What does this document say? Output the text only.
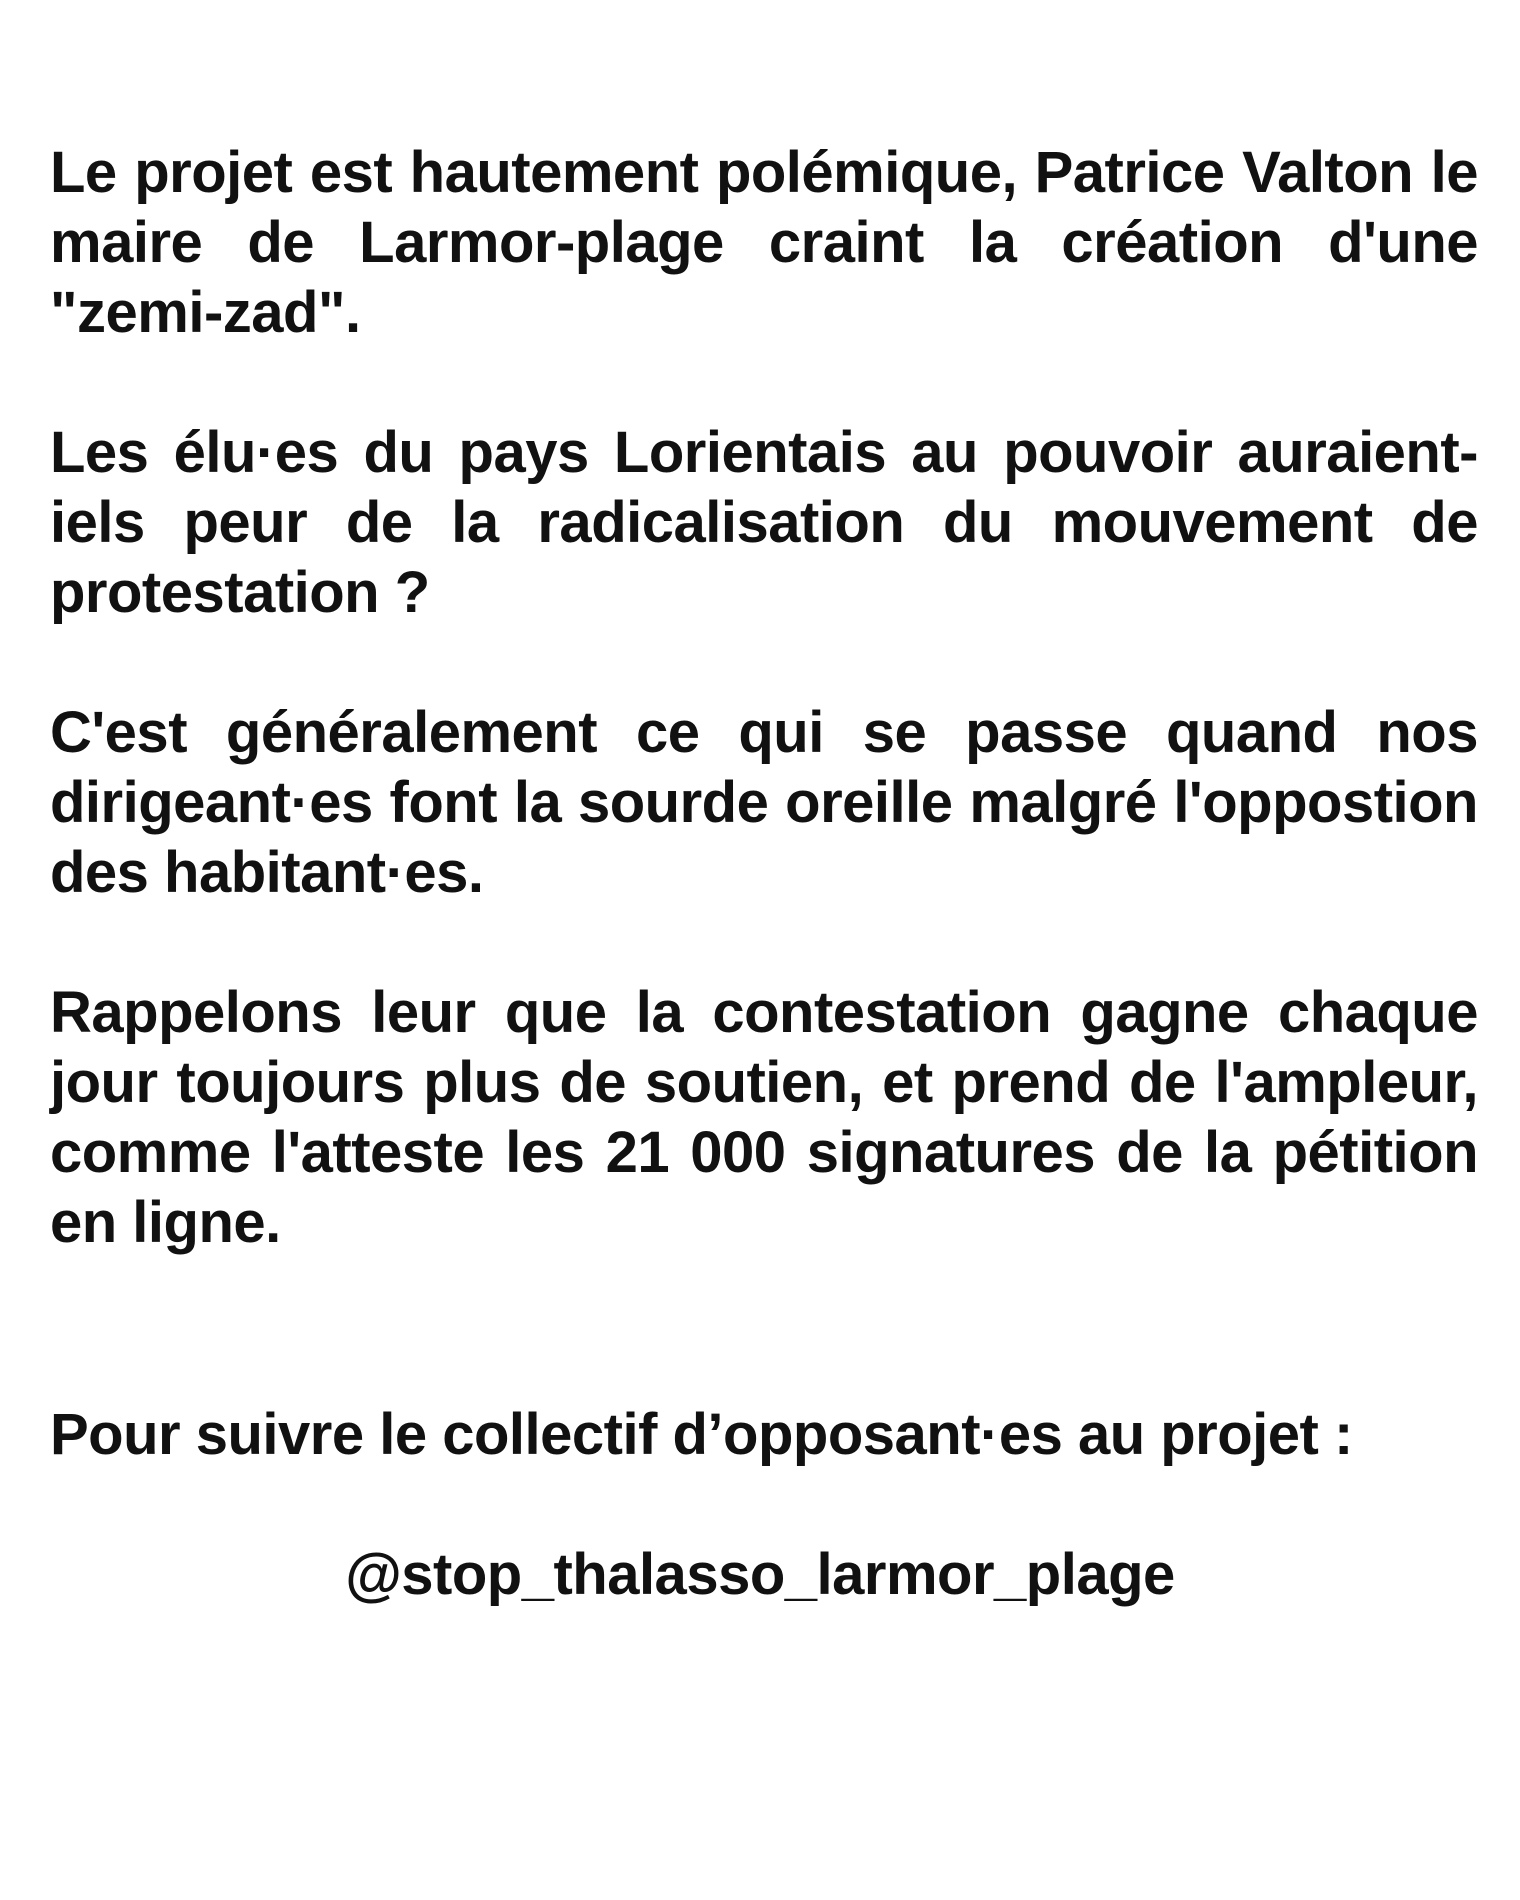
Le projet est hautement polémique, Patrice Valton le maire de Larmor-plage craint la création d'une "zemi-zad".

Les élu·es du pays Lorientais au pouvoir auraient-iels peur de la radicalisation du mouvement de protestation ?

C'est généralement ce qui se passe quand nos dirigeant·es font la sourde oreille malgré l'oppostion des habitant·es.

Rappelons leur que la contestation gagne chaque jour toujours plus de soutien, et prend de l'ampleur, comme l'atteste les 21 000 signatures de la pétition en ligne.

Pour suivre le collectif d’opposant·es au projet :

@stop_thalasso_larmor_plage
